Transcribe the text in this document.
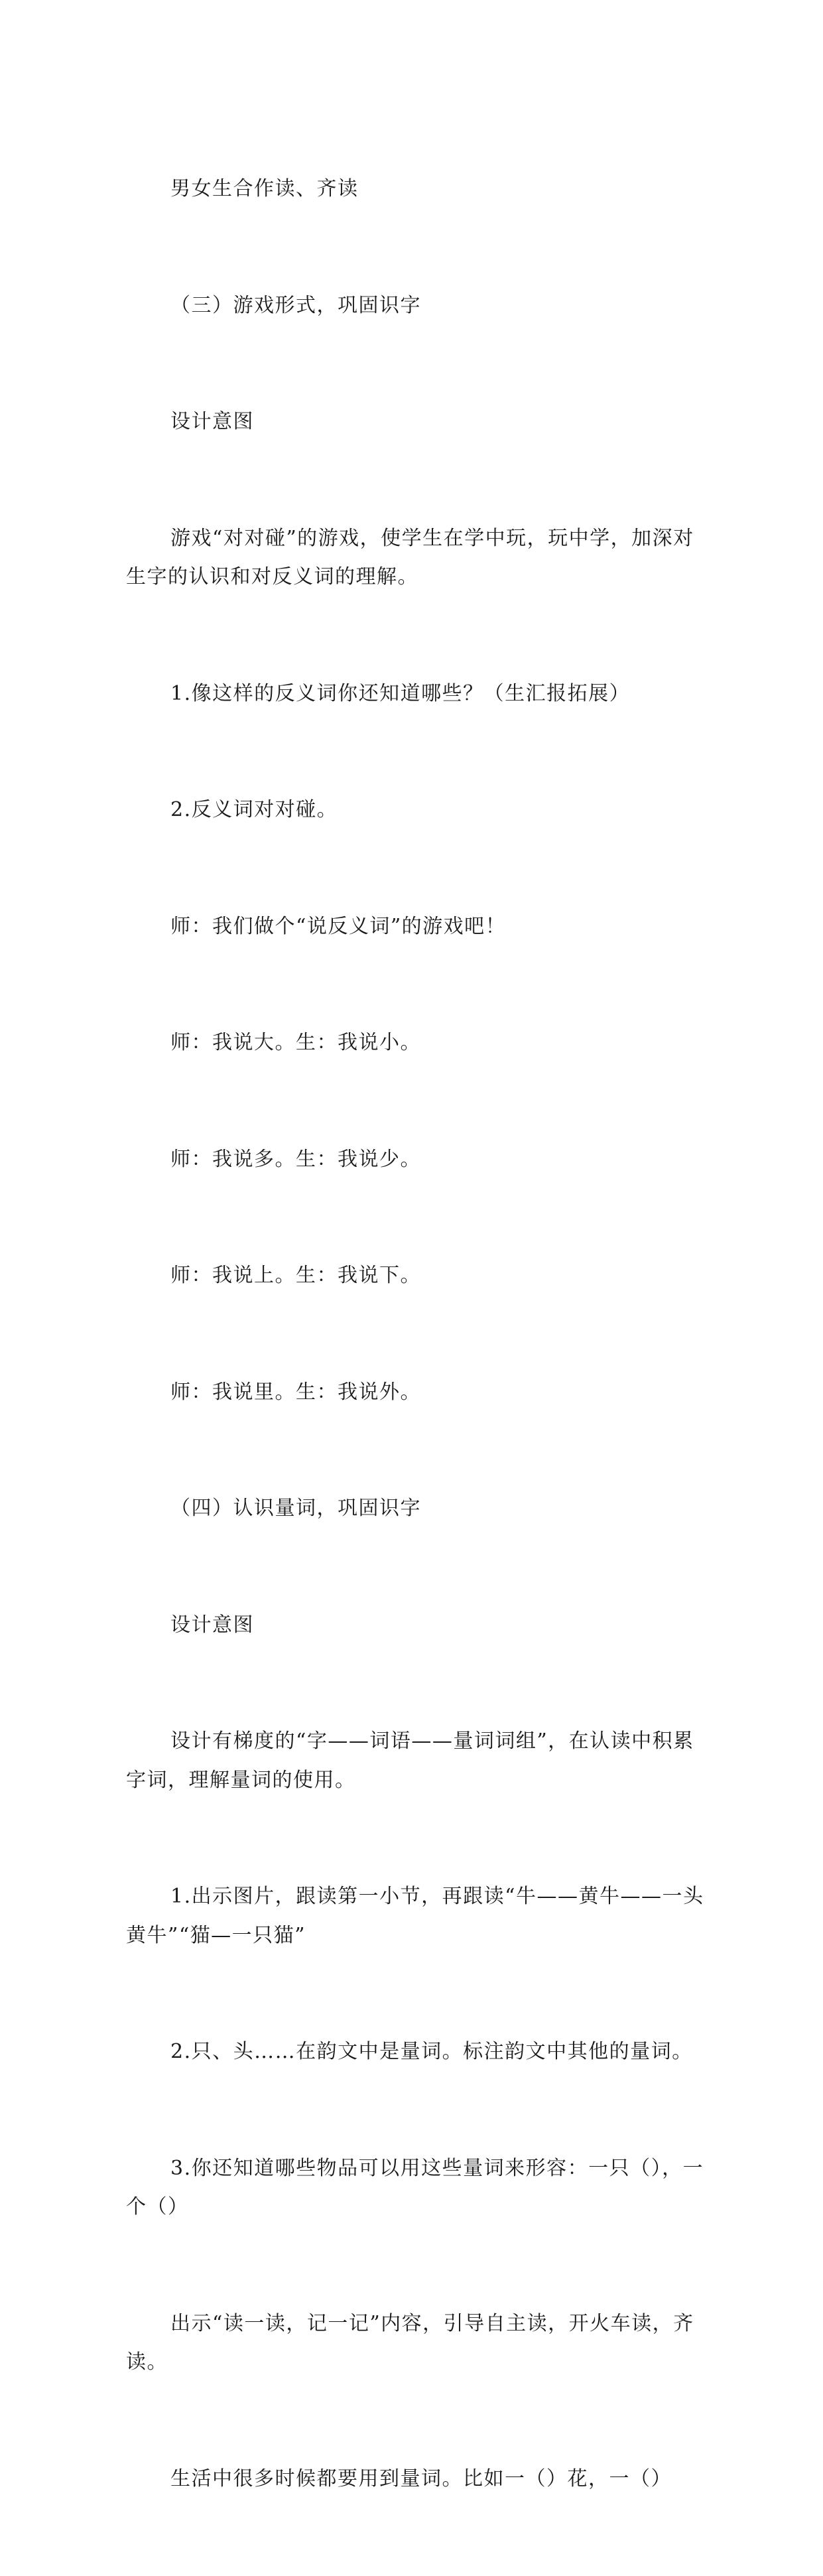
男女生合作读、齐读

（三）游戏形式，巩固识字

设计意图

游戏“对对碰”的游戏，使学生在学中玩，玩中学，加深对生字的认识和对反义词的理解。

1.像这样的反义词你还知道哪些？（生汇报拓展）

2.反义词对对碰。

师：我们做个“说反义词”的游戏吧！

师：我说大。生：我说小。

师：我说多。生：我说少。

师：我说上。生：我说下。

师：我说里。生：我说外。

（四）认识量词，巩固识字

设计意图

设计有梯度的“字——词语——量词词组”，在认读中积累字词，理解量词的使用。

1.出示图片，跟读第一小节，再跟读“牛——黄牛——一头黄牛”“猫—一只猫”

2.只、头……在韵文中是量词。标注韵文中其他的量词。

3.你还知道哪些物品可以用这些量词来形容：一只（），一个（）

出示“读一读，记一记”内容，引导自主读，开火车读，齐读。

生活中很多时候都要用到量词。比如一（）花，一（）
